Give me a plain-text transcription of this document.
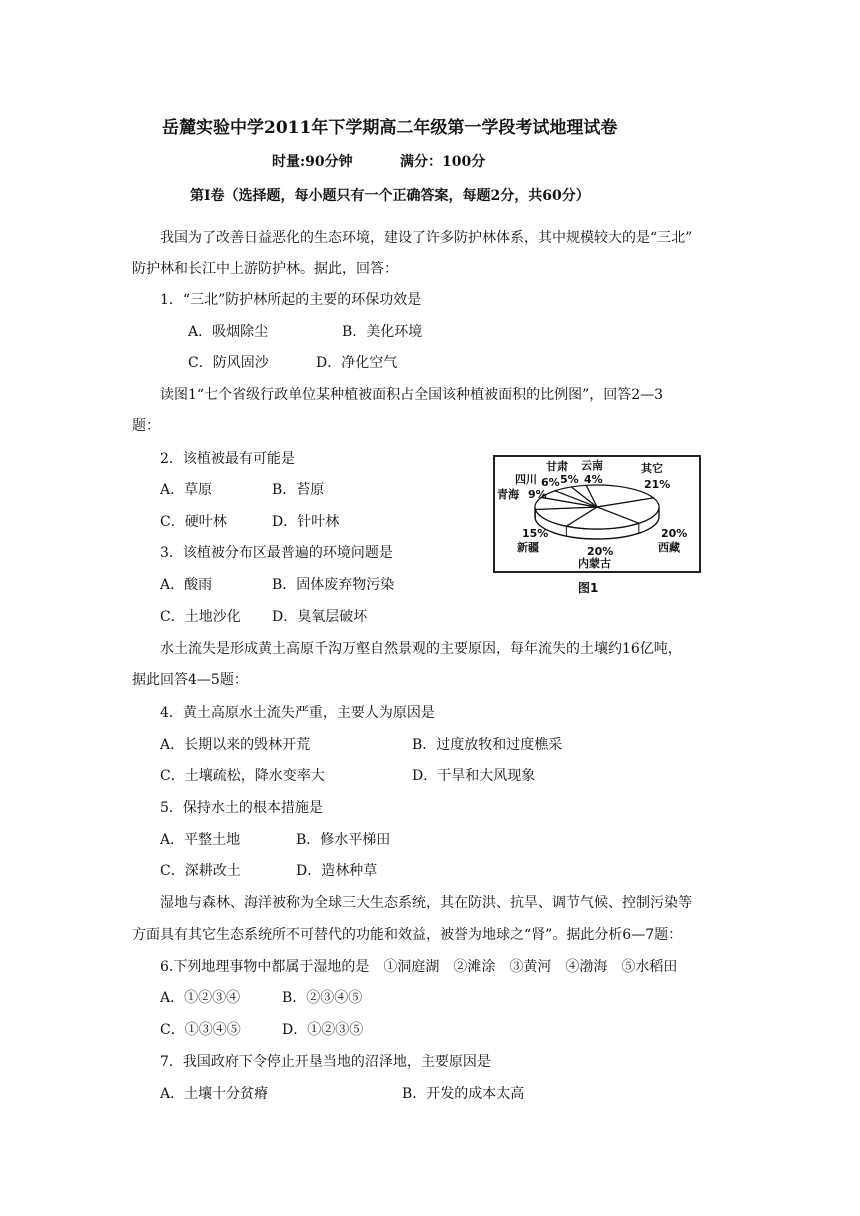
岳麓实验中学2011年下学期高二年级第一学段考试地理试卷
时量:90分钟	满分：100分
第Ⅰ卷（选择题，每小题只有一个正确答案，每题2分，共60分）
我国为了改善日益恶化的生态环境，建设了许多防护林体系，其中规模较大的是“三北”
防护林和长江中上游防护林。据此，回答：
1．“三北”防护林所起的主要的环保功效是
A．吸烟除尘	B．美化环境
C．防风固沙	D．净化空气
读图1“七个省级行政单位某种植被面积占全国该种植被面积的比例图”，回答2—3
题：
2．该植被最有可能是
A．草原	B．苔原
C．硬叶林	D．针叶林
3．该植被分布区最普遍的环境问题是
A．酸雨	B．固体废弃物污染
C．土地沙化 D．臭氧层破坏
甘肃 云南	其它
四川 6% 5% 4%	21%
青海 9%
15%	20%
新疆	20%	西藏
内蒙古
图1
水土流失是形成黄土高原千沟万壑自然景观的主要原因，每年流失的土壤约16亿吨，
据此回答4—5题：
4．黄土高原水土流失严重，主要人为原因是
A．长期以来的毁林开荒	B．过度放牧和过度樵采
C．土壤疏松，降水变率大	D．干旱和大风现象
5．保持水土的根本措施是
A．平整土地	B．修水平梯田
C．深耕改土	D．造林种草
湿地与森林、海洋被称为全球三大生态系统，其在防洪、抗旱、调节气候、控制污染等
方面具有其它生态系统所不可替代的功能和效益，被誉为地球之“肾”。据此分析6—7题：
6.下列地理事物中都属于湿地的是　①洞庭湖　②滩涂　③黄河　④渤海　⑤水稻田
A．①②③④	B．②③④⑤
C．①③④⑤	D．①②③⑤
7．我国政府下令停止开垦当地的沼泽地，主要原因是
A．土壤十分贫瘠	B．开发的成本太高
